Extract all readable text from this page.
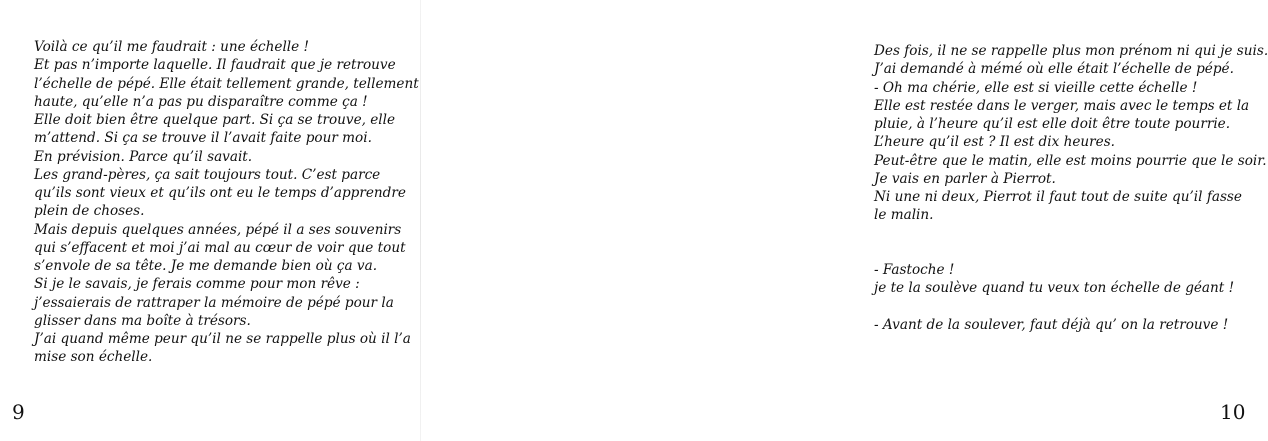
Voilà ce qu’il me faudrait : une échelle !
Et pas n’importe laquelle. Il faudrait que je retrouve
l’échelle de pépé. Elle était tellement grande, tellement
haute, qu’elle n’a pas pu disparaître comme ça !
Elle doit bien être quelque part. Si ça se trouve, elle
m’attend. Si ça se trouve il l’avait faite pour moi.
En prévision. Parce qu’il savait.
Les grand-pères, ça sait toujours tout. C’est parce
qu’ils sont vieux et qu’ils ont eu le temps d’apprendre
plein de choses.
Mais depuis quelques années, pépé il a ses souvenirs
qui s’effacent et moi j’ai mal au cœur de voir que tout
s’envole de sa tête. Je me demande bien où ça va.
Si je le savais, je ferais comme pour mon rêve :
j’essaierais de rattraper la mémoire de pépé pour la
glisser dans ma boîte à trésors.
J’ai quand même peur qu’il ne se rappelle plus où il l’a
mise son échelle.
9
Des fois, il ne se rappelle plus mon prénom ni qui je suis.
J’ai demandé à mémé où elle était l’échelle de pépé.
- Oh ma chérie, elle est si vieille cette échelle !
Elle est restée dans le verger, mais avec le temps et la
pluie, à l’heure qu’il est elle doit être toute pourrie.
L’heure qu’il est ? Il est dix heures.
Peut-être que le matin, elle est moins pourrie que le soir.
Je vais en parler à Pierrot.
Ni une ni deux, Pierrot il faut tout de suite qu’il fasse
le malin.
- Fastoche !
je te la soulève quand tu veux ton échelle de géant !
- Avant de la soulever, faut déjà qu’ on la retrouve !
10
